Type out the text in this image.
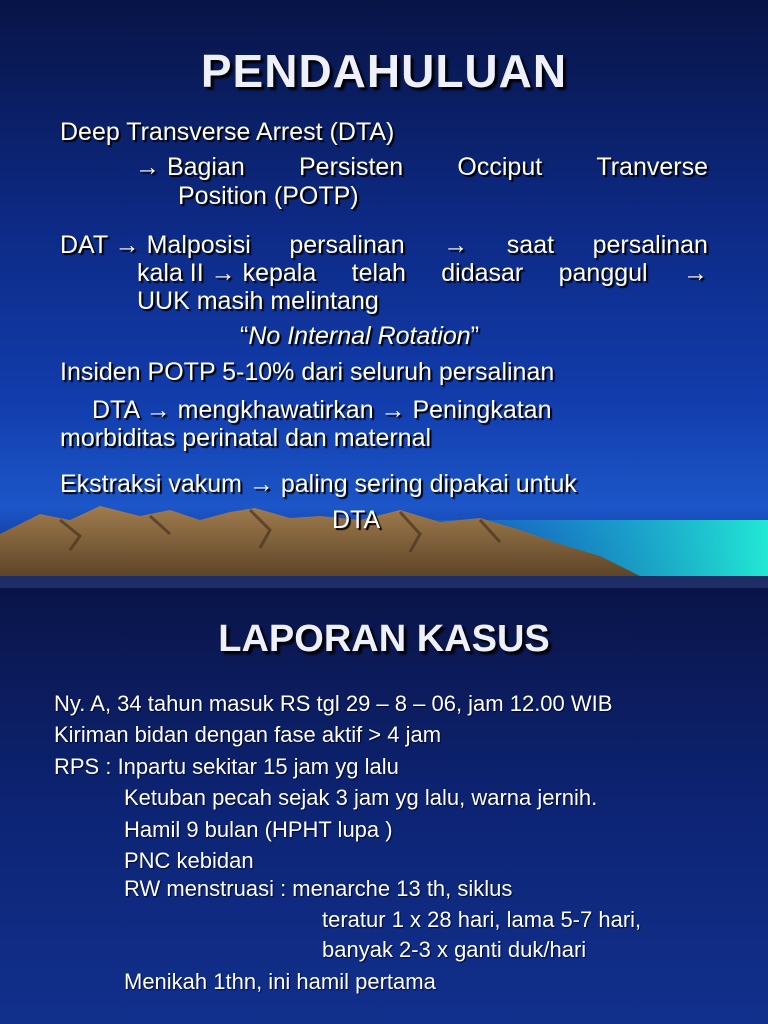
PENDAHULUAN
Deep Transverse Arrest (DTA)
→ Bagian Persisten Occiput Tranverse
Position (POTP)
DAT → Malposisi persalinan → saat persalinan
kala II → kepala telah didasar panggul →
UUK masih melintang
“No Internal Rotation”
Insiden POTP 5-10% dari seluruh persalinan
DTA → mengkhawatirkan → Peningkatan
morbiditas perinatal dan maternal
Ekstraksi vakum → paling sering dipakai untuk
DTA
LAPORAN KASUS
Ny. A, 34 tahun masuk RS tgl 29 – 8 – 06, jam 12.00 WIB
Kiriman bidan dengan fase aktif > 4 jam
RPS : Inpartu sekitar 15 jam yg lalu
Ketuban pecah sejak 3 jam yg lalu, warna jernih.
Hamil 9 bulan (HPHT lupa )
PNC kebidan
RW menstruasi : menarche 13 th, siklus
teratur 1 x 28 hari, lama 5-7 hari,
banyak 2-3 x ganti duk/hari
Menikah 1thn, ini hamil pertama
